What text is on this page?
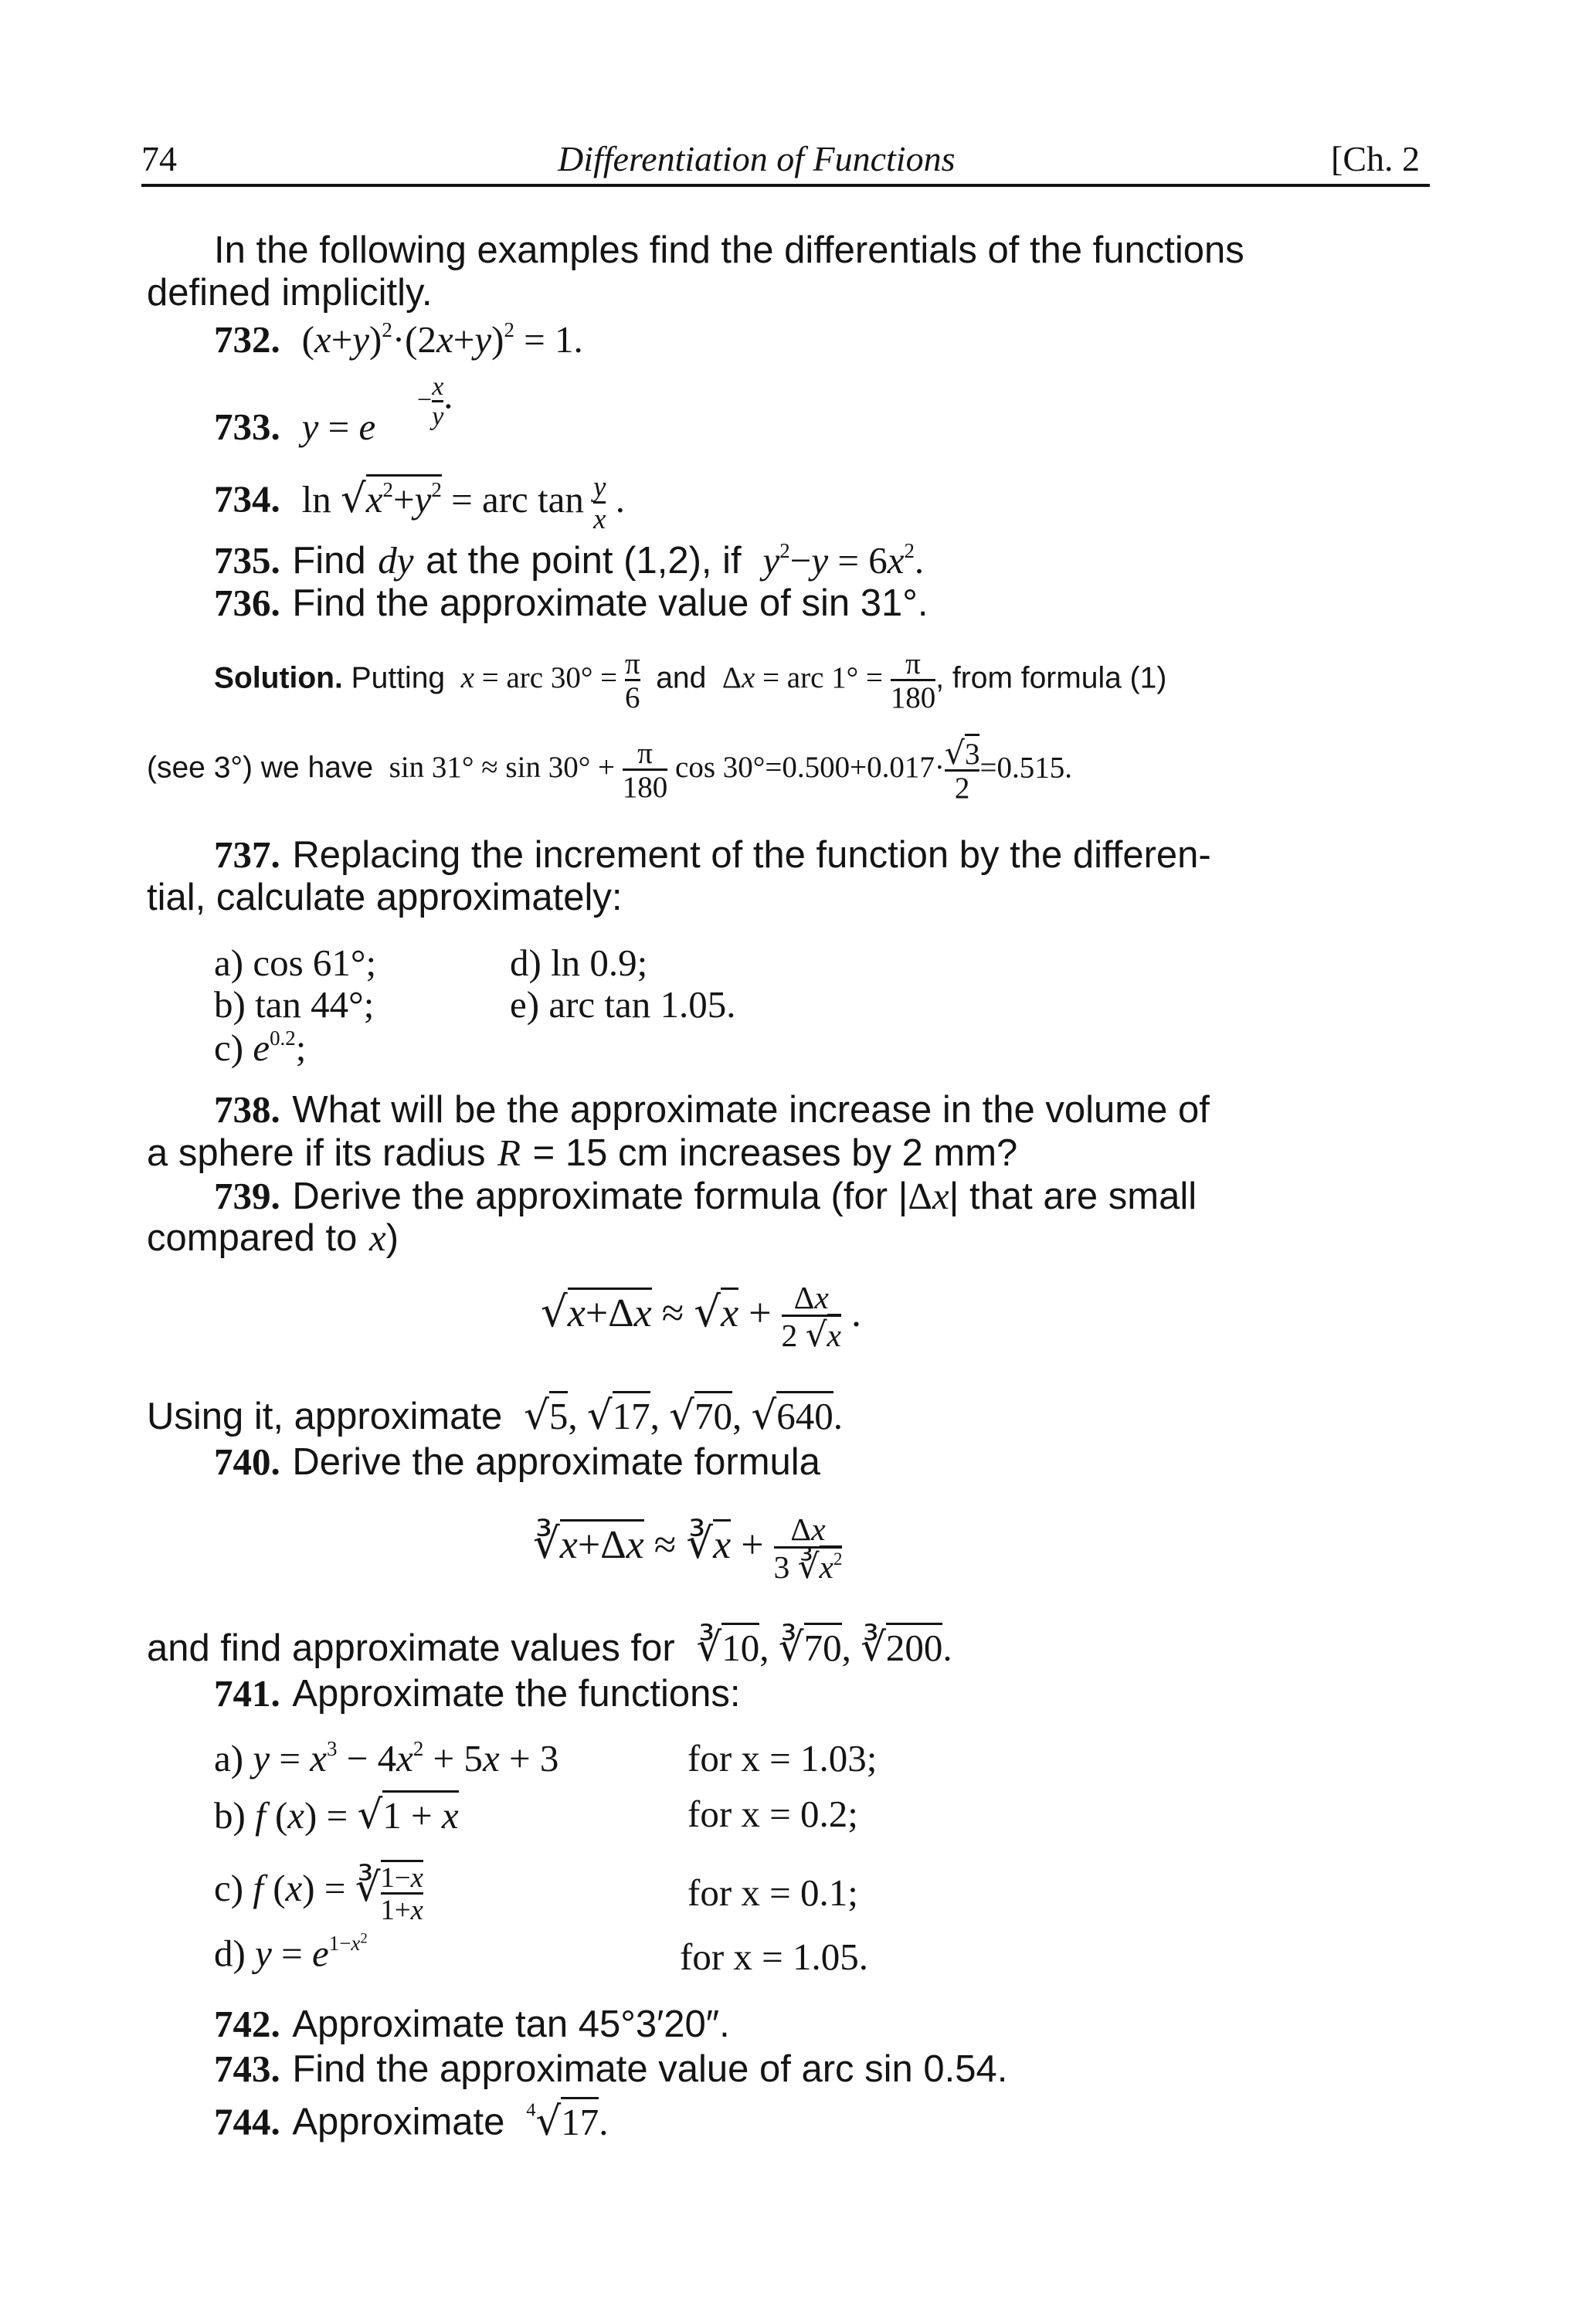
74	Differentiation of Functions	[Ch. 2
In the following examples find the differentials of the functions
defined implicitly.
732.  $(x+y)^2\cdot(2x+y)^2 = 1$.
733. y = e
− $\frac{x}{y}$ .
734.  $\ln √x^2+y^2$ = arc $\tan \frac{y}{x}$ .
735. Find dy at the point (1,2), if $y^2-y = 6x^2$.
736. Find the approximate value of sin 31°.
Solution. Putting x = arc $30^\circ = \frac{\pi}{6}$ and  Δx = arc $1^\circ = \frac{\pi}{180}$ , from formula (1)
(see 3°) we have  $\sin 31^\circ \approx \sin 30^\circ + \frac{\pi}{180}$ $\cos 30^\circ=0.500+0.017\cdot \frac{√3}{2} =0.515$.
737. Replacing the increment of the function by the differen-
tial, calculate approximately:
a) cos 61°;
b) tan 44°;
c) $e^{0.2}$;
d) ln 0.9;
e) arc tan 1.05.
738. What will be the approximate increase in the volume of
a sphere if its radius R = 15 cm increases by 2 mm?
739. Derive the approximate formula (for |Δx| that are small
compared to x)
$√x+\Delta x \approx √x + \frac{\Delta x}{2 √x}$ .
Using it, approximate √5, √17, √70, √640.
740. Derive the approximate formula
∛x+Δx ≈ ∛x + $\frac{\Delta x}{3 ∛x^2}$
and find approximate values for ∛10, ∛70, ∛200.
741. Approximate the functions:
a) $y = x^3 - 4x^2 + 5x + 3$
b) f (x) = √1 + x
c) f (x) = ∛ $\frac{1-x}{1+x}$
d) $y = e^{1-x^2}$
for x = 1.03;
for x = 0.2;
for x = 0.1;
for x = 1.05.
742. Approximate tan 45°3′20″.
743. Find the approximate value of arc sin 0.54.
744. Approximate $^4$√17.
